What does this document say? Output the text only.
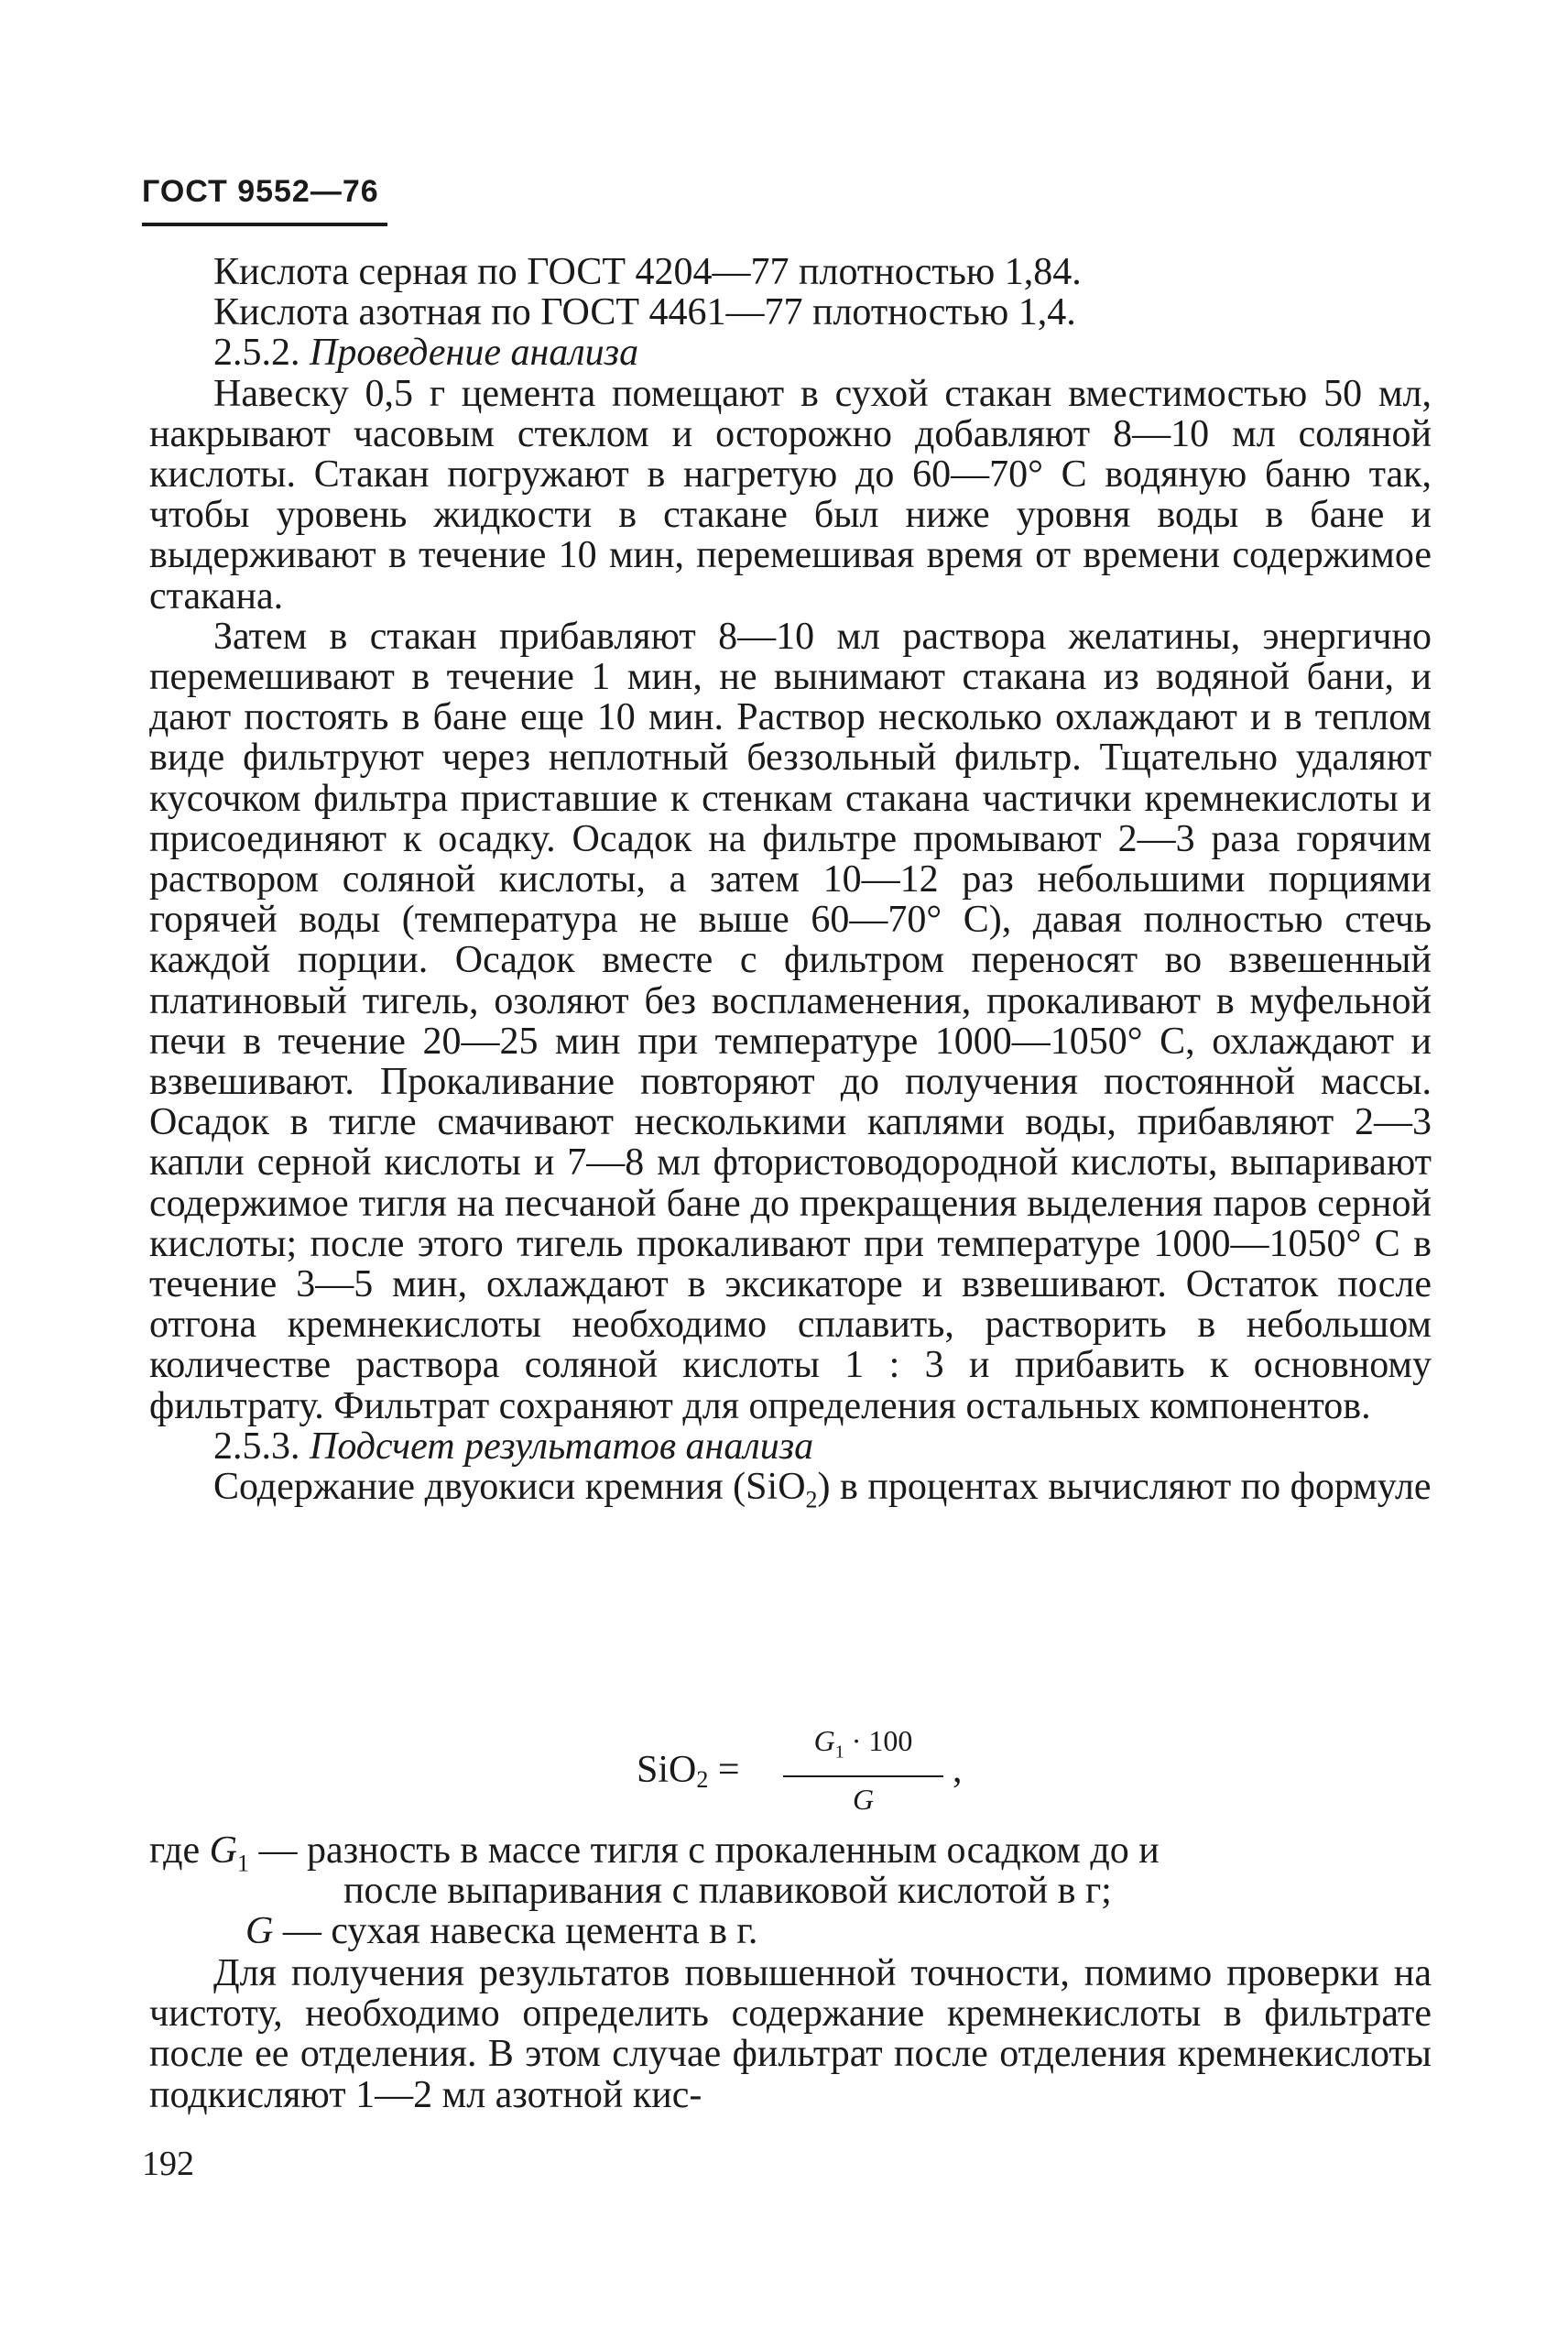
ГОСТ 9552—76

Кислота серная по ГОСТ 4204—77 плотностью 1,84.

Кислота азотная по ГОСТ 4461—77 плотностью 1,4.

2.5.2. Проведение анализа

Навеску 0,5 г цемента помещают в сухой стакан вместимостью 50 мл, накрывают часовым стеклом и осторожно добавляют 8—10 мл соляной кислоты. Стакан погружают в нагретую до 60—70° С водяную баню так, чтобы уровень жидкости в стакане был ниже уровня воды в бане и выдерживают в течение 10 мин, перемешивая время от времени содержимое стакана.

Затем в стакан прибавляют 8—10 мл раствора желатины, энергично перемешивают в течение 1 мин, не вынимают стакана из водяной бани, и дают постоять в бане еще 10 мин. Раствор несколько охлаждают и в теплом виде фильтруют через неплотный беззольный фильтр. Тщательно удаляют кусочком фильтра приставшие к стенкам стакана частички кремнекислоты и присоединяют к осадку. Осадок на фильтре промывают 2—3 раза горячим раствором соляной кислоты, а затем 10—12 раз небольшими порциями горячей воды (температура не выше 60—70° С), давая полностью стечь каждой порции. Осадок вместе с фильтром переносят во взвешенный платиновый тигель, озоляют без воспламенения, прокаливают в муфельной печи в течение 20—25 мин при температуре 1000—1050° С, охлаждают и взвешивают. Прокаливание повторяют до получения постоянной массы. Осадок в тигле смачивают несколькими каплями воды, прибавляют 2—3 капли серной кислоты и 7—8 мл фтористоводородной кислоты, выпаривают содержимое тигля на песчаной бане до прекращения выделения паров серной кислоты; после этого тигель прокаливают при температуре 1000—1050° С в течение 3—5 мин, охлаждают в эксикаторе и взвешивают. Остаток после отгона кремнекислоты необходимо сплавить, растворить в небольшом количестве раствора соляной кислоты 1 : 3 и прибавить к основному фильтрату. Фильтрат сохраняют для определения остальных компонентов.

2.5.3. Подсчет результатов анализа

Содержание двуокиси кремния (SiO$_2$) в процентах вычисляют по формуле

SiO$_2$ =
$G_1 \cdot 100$
G
,
где $G_1$ — разность в массе тигля с прокаленным осадком до и
после выпаривания с плавиковой кислотой в г;
G — сухая навеска цемента в г.

Для получения результатов повышенной точности, помимо проверки на чистоту, необходимо определить содержание кремнекислоты в фильтрате после ее отделения. В этом случае фильтрат после отделения кремнекислоты подкисляют 1—2 мл азотной кис-

192
